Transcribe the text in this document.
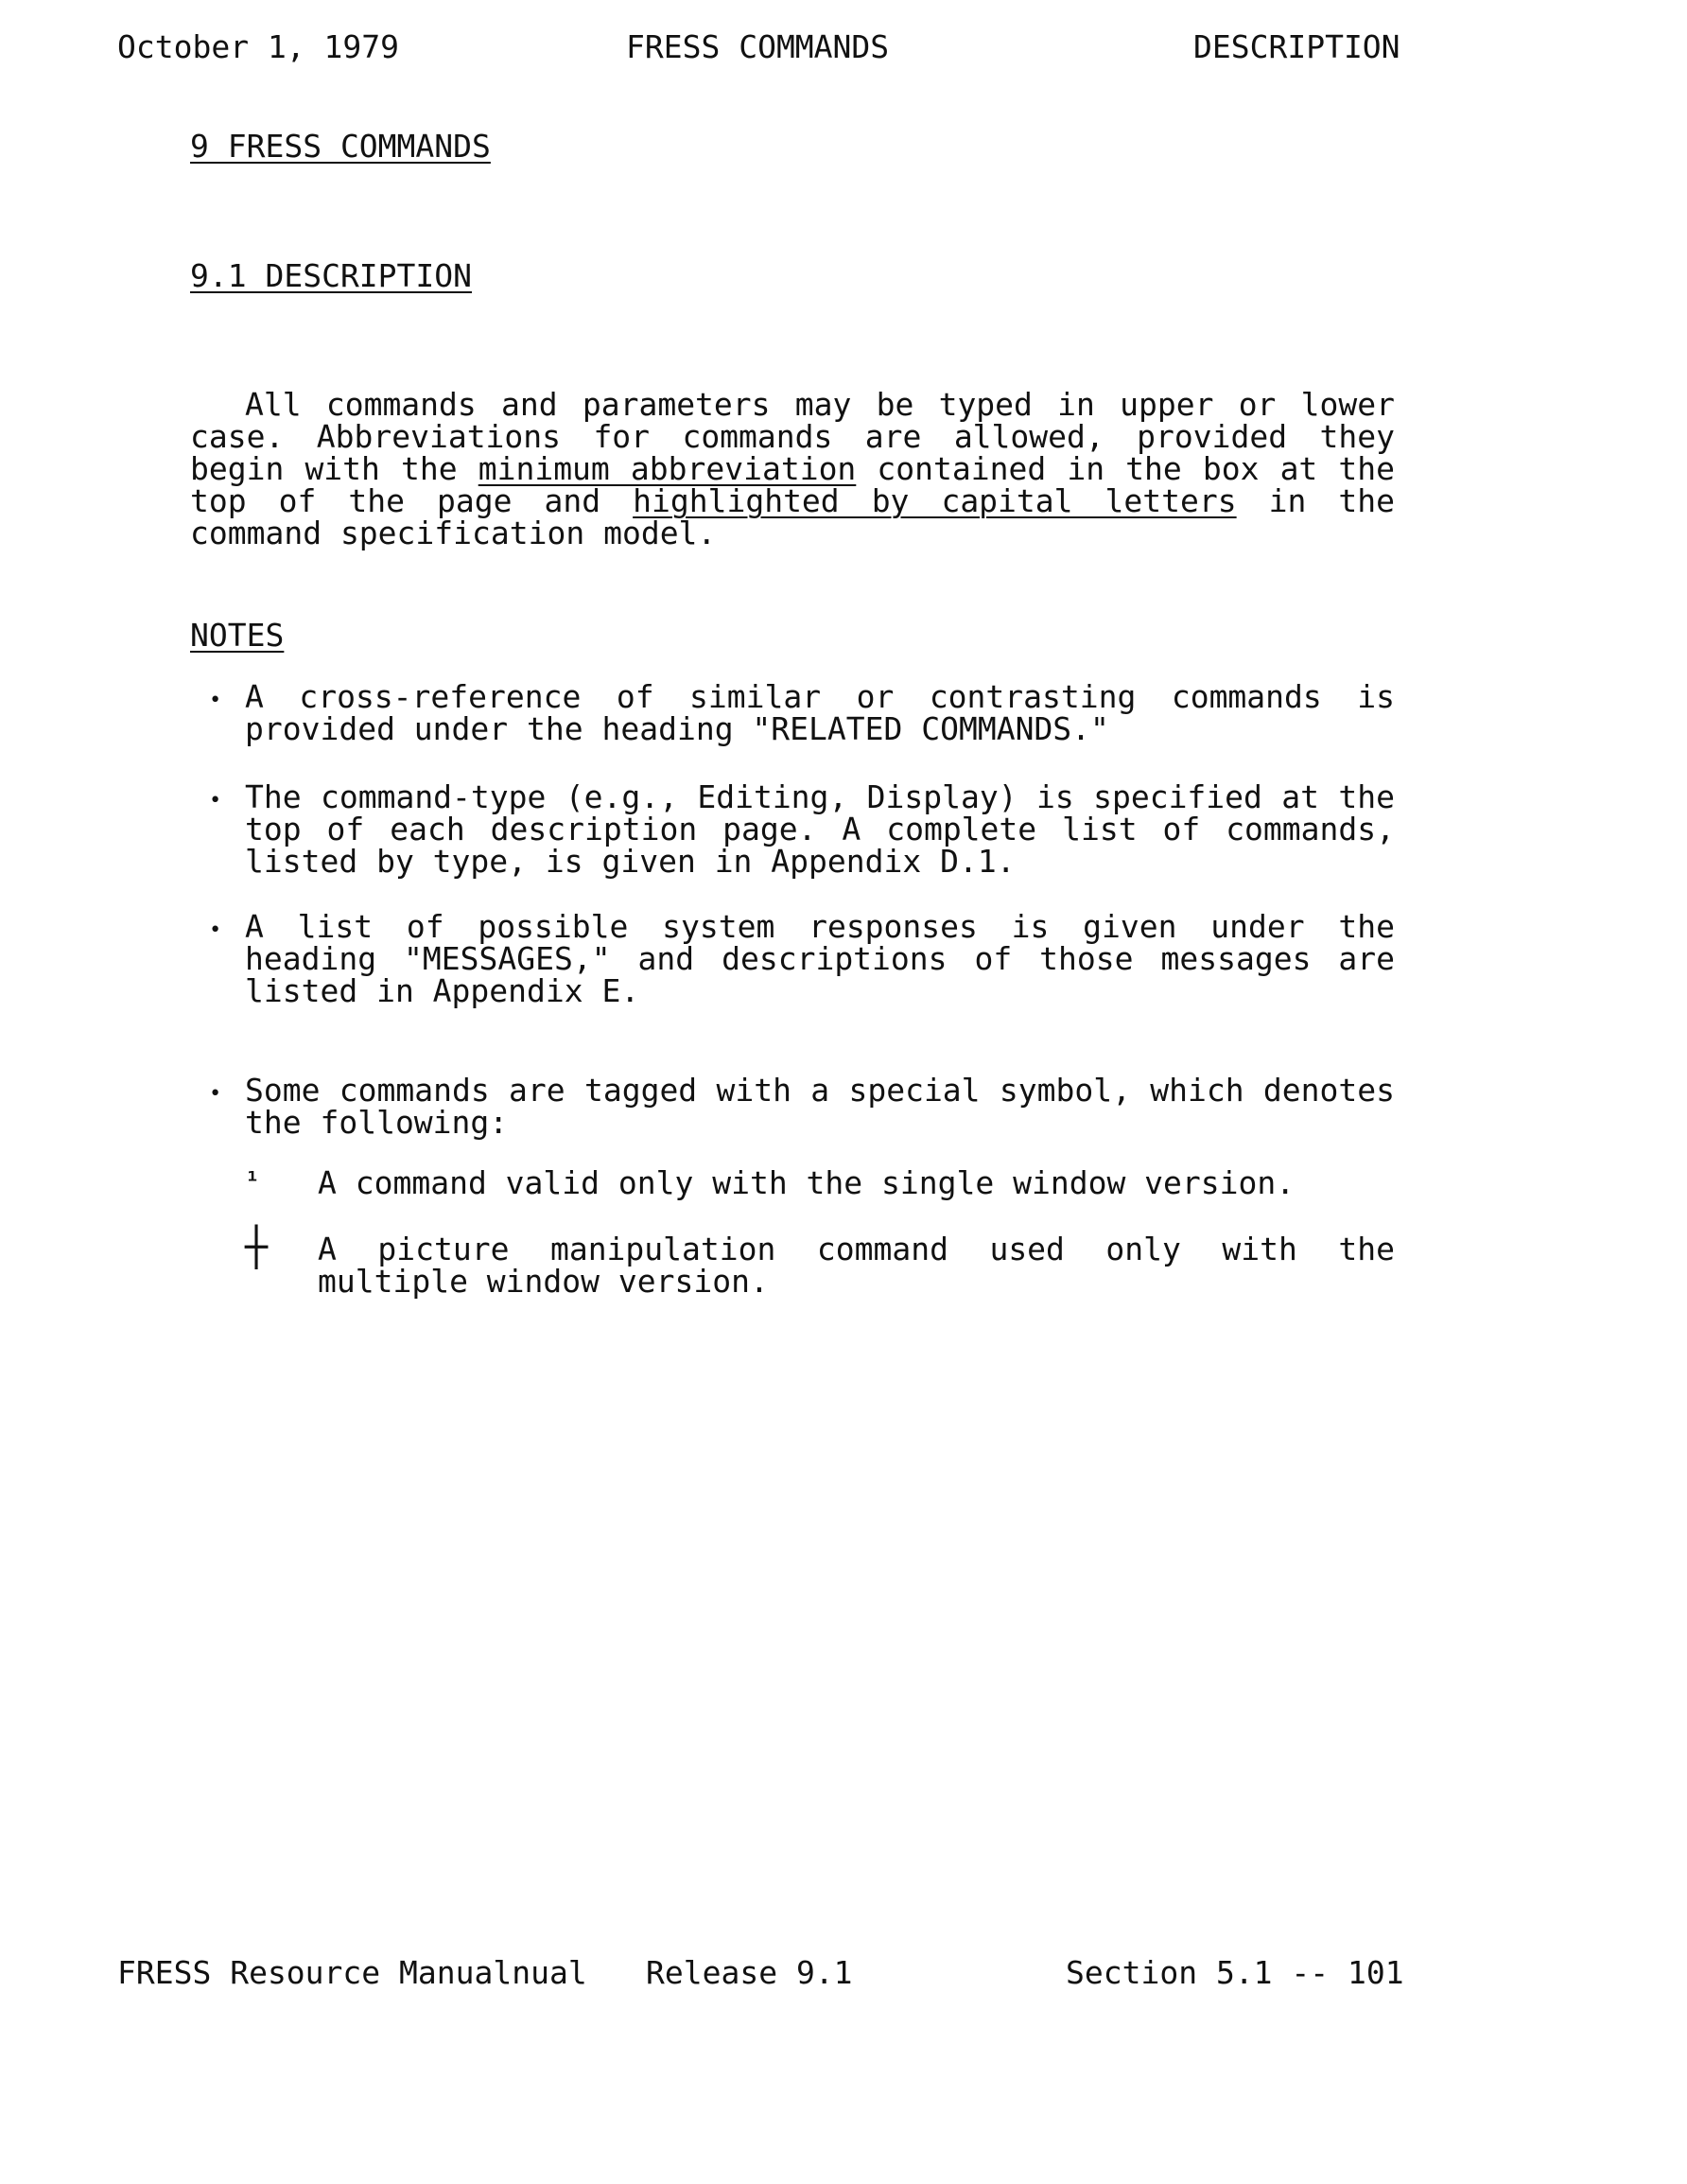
October 1, 1979	FRESS COMMANDS	DESCRIPTION
9 FRESS COMMANDS
9.1 DESCRIPTION
All commands and parameters may be typed in upper or lower case. Abbreviations for commands are allowed, provided they begin with the minimum abbreviation contained in the box at the top of the page and highlighted by capital letters in the command specification model.
NOTES
• A cross-reference of similar or contrasting commands is provided under the heading "RELATED COMMANDS."
• The command-type (e.g., Editing, Display) is specified at the top of each description page. A complete list of commands, listed by type, is given in Appendix D.1.
• A list of possible system responses is given under the heading "MESSAGES," and descriptions of those messages are listed in Appendix E.
• Some commands are tagged with a special symbol, which denotes the following:
¹	A command valid only with the single window version.
┼	A picture manipulation command used only with the multiple window version.
FRESS Resource Manualnual Release 9.1	Section 5.1 -- 101
